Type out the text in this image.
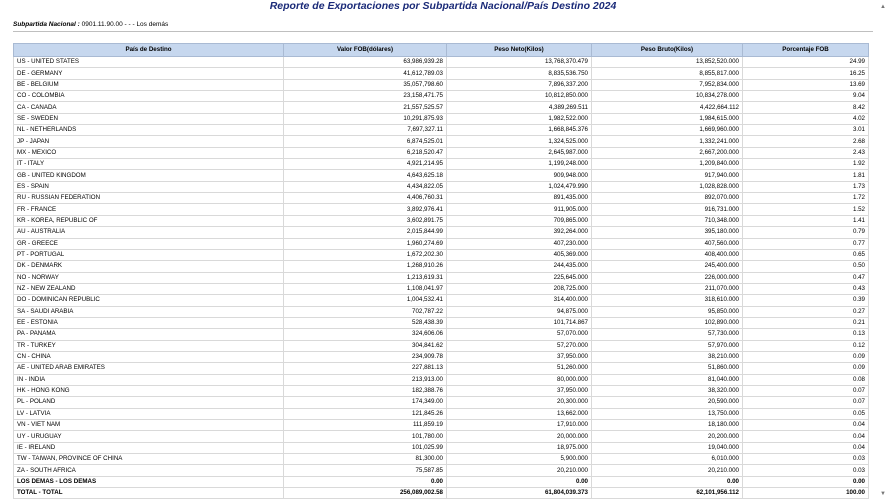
Reporte de Exportaciones por Subpartida Nacional/País Destino 2024
Subpartida Nacional : 0901.11.90.00 - - - Los demás
País de Destino	Valor FOB(dólares)	Peso Neto(Kilos)	Peso Bruto(Kilos)	Porcentaje FOB
US - UNITED STATES	63,986,939.28	13,768,370.479	13,852,520.000	24.99
DE - GERMANY	41,612,789.03	8,835,536.750	8,855,817.000	16.25
BE - BELGIUM	35,057,798.60	7,896,337.200	7,952,834.000	13.69
CO - COLOMBIA	23,158,471.75	10,812,850.000	10,834,278.000	9.04
CA - CANADA	21,557,525.57	4,389,269.511	4,422,664.112	8.42
SE - SWEDEN	10,291,875.93	1,982,522.000	1,984,615.000	4.02
NL - NETHERLANDS	7,697,327.11	1,668,845.376	1,669,960.000	3.01
JP - JAPAN	6,874,525.01	1,324,525.000	1,332,241.000	2.68
MX - MEXICO	6,218,520.47	2,645,987.000	2,667,200.000	2.43
IT - ITALY	4,921,214.95	1,199,248.000	1,209,840.000	1.92
GB - UNITED KINGDOM	4,643,625.18	909,948.000	917,940.000	1.81
ES - SPAIN	4,434,822.05	1,024,479.990	1,028,828.000	1.73
RU - RUSSIAN FEDERATION	4,406,760.31	891,435.000	892,070.000	1.72
FR - FRANCE	3,892,976.41	911,905.000	916,731.000	1.52
KR - KOREA, REPUBLIC OF	3,602,891.75	709,865.000	710,348.000	1.41
AU - AUSTRALIA	2,015,844.99	392,264.000	395,180.000	0.79
GR - GREECE	1,960,274.69	407,230.000	407,560.000	0.77
PT - PORTUGAL	1,672,202.30	405,369.000	408,400.000	0.65
DK - DENMARK	1,268,910.26	244,435.000	245,400.000	0.50
NO - NORWAY	1,213,619.31	225,645.000	226,000.000	0.47
NZ - NEW ZEALAND	1,108,041.97	208,725.000	211,070.000	0.43
DO - DOMINICAN REPUBLIC	1,004,532.41	314,400.000	318,610.000	0.39
SA - SAUDI ARABIA	702,787.22	94,875.000	95,850.000	0.27
EE - ESTONIA	528,438.39	101,714.867	102,890.000	0.21
PA - PANAMA	324,606.06	57,070.000	57,730.000	0.13
TR - TURKEY	304,841.62	57,270.000	57,970.000	0.12
CN - CHINA	234,909.78	37,950.000	38,210.000	0.09
AE - UNITED ARAB EMIRATES	227,881.13	51,260.000	51,860.000	0.09
IN - INDIA	213,913.00	80,000.000	81,040.000	0.08
HK - HONG KONG	182,388.76	37,950.000	38,320.000	0.07
PL - POLAND	174,349.00	20,300.000	20,590.000	0.07
LV - LATVIA	121,845.26	13,662.000	13,750.000	0.05
VN - VIET NAM	111,859.19	17,910.000	18,180.000	0.04
UY - URUGUAY	101,780.00	20,000.000	20,200.000	0.04
IE - IRELAND	101,025.99	18,975.000	19,040.000	0.04
TW - TAIWAN, PROVINCE OF CHINA	81,300.00	5,900.000	6,010.000	0.03
ZA - SOUTH AFRICA	75,587.85	20,210.000	20,210.000	0.03
LOS DEMAS - LOS DEMAS	0.00	0.00	0.00	0.00
TOTAL - TOTAL	256,089,002.58	61,804,039.373	62,101,956.112	100.00
▲
▼
